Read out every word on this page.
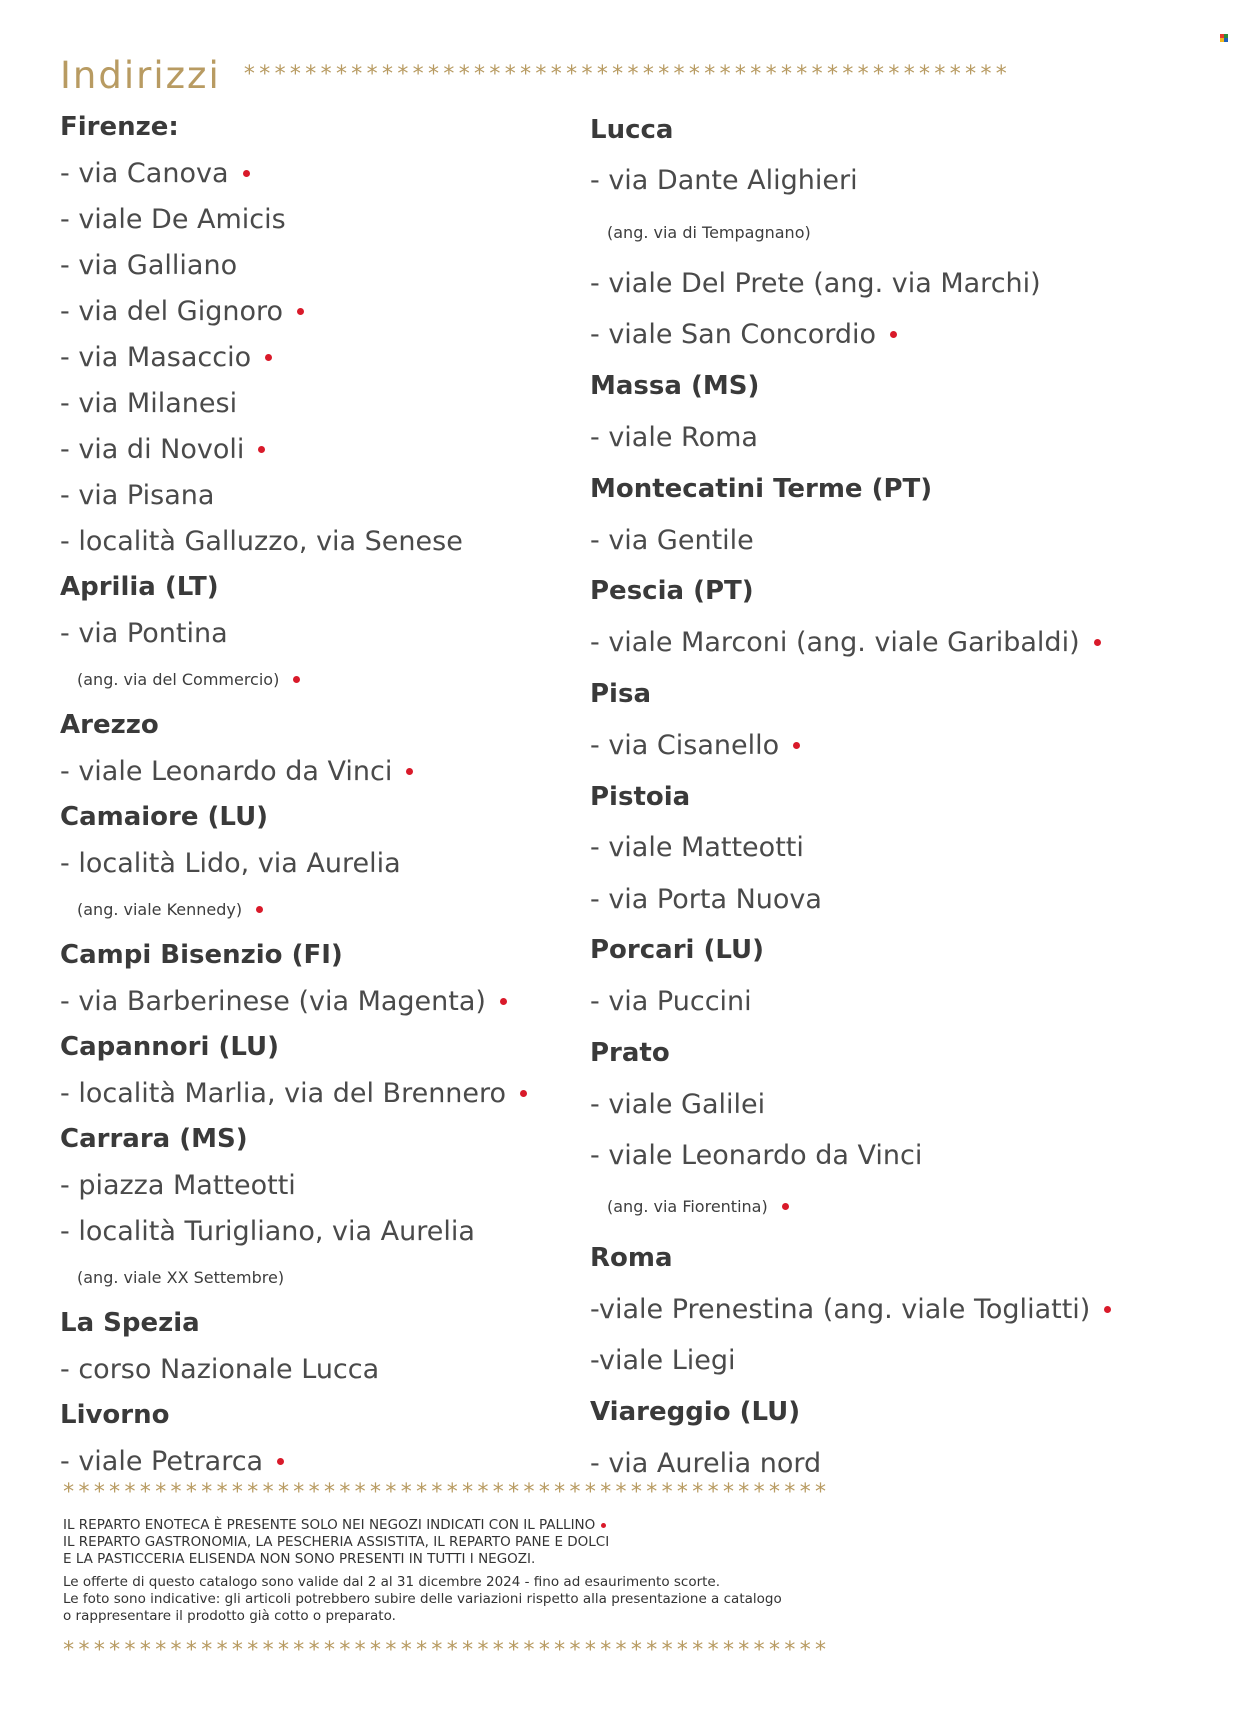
Indirizzi **************************************************
Firenze:
- via Canova
- viale De Amicis
- via Galliano
- via del Gignoro
- via Masaccio
- via Milanesi
- via di Novoli
- via Pisana
- località Galluzzo, via Senese
Aprilia (LT)
- via Pontina
(ang. via del Commercio)
Arezzo
- viale Leonardo da Vinci
Camaiore (LU)
- località Lido, via Aurelia
(ang. viale Kennedy)
Campi Bisenzio (FI)
- via Barberinese (via Magenta)
Capannori (LU)
- località Marlia, via del Brennero
Carrara (MS)
- piazza Matteotti
- località Turigliano, via Aurelia
(ang. viale XX Settembre)
La Spezia
- corso Nazionale Lucca
Livorno
- viale Petrarca
Lucca
- via Dante Alighieri
(ang. via di Tempagnano)
- viale Del Prete (ang. via Marchi)
- viale San Concordio
Massa (MS)
- viale Roma
Montecatini Terme (PT)
- via Gentile
Pescia (PT)
- viale Marconi (ang. viale Garibaldi)
Pisa
- via Cisanello
Pistoia
- viale Matteotti
- via Porta Nuova
Porcari (LU)
- via Puccini
Prato
- viale Galilei
- viale Leonardo da Vinci
(ang. via Fiorentina)
Roma
-viale Prenestina (ang. viale Togliatti)
-viale Liegi
Viareggio (LU)
- via Aurelia nord
**************************************************

IL REPARTO ENOTECA È PRESENTE SOLO NEI NEGOZI INDICATI CON IL PALLINO

IL REPARTO GASTRONOMIA, LA PESCHERIA ASSISTITA, IL REPARTO PANE E DOLCI

E LA PASTICCERIA ELISENDA NON SONO PRESENTI IN TUTTI I NEGOZI.

Le offerte di questo catalogo sono valide dal 2 al 31 dicembre 2024 - fino ad esaurimento scorte.

Le foto sono indicative: gli articoli potrebbero subire delle variazioni rispetto alla presentazione a catalogo

o rappresentare il prodotto già cotto o preparato.

**************************************************
